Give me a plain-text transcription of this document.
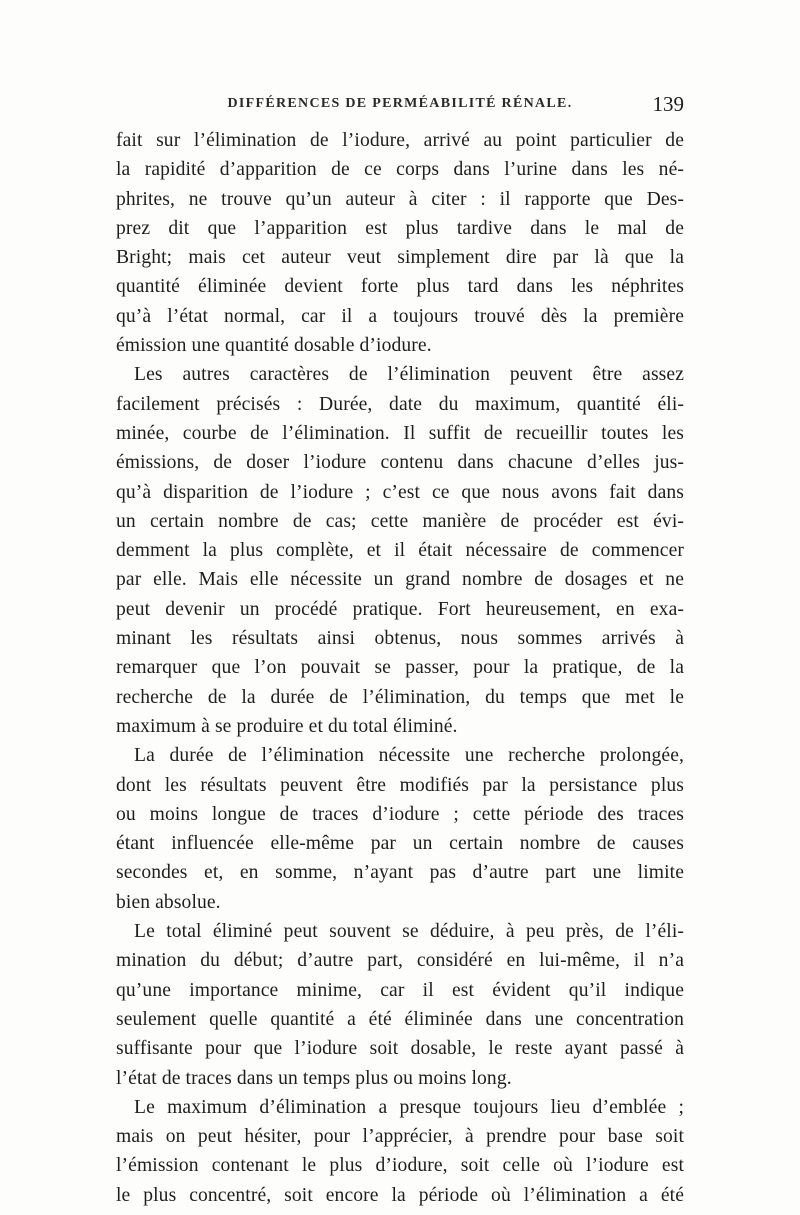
DIFFÉRENCES DE PERMÉABILITÉ RÉNALE.	139
fait sur l’élimination de l’iodure, arrivé au point particulier de
la rapidité d’apparition de ce corps dans l’urine dans les né-
phrites, ne trouve qu’un auteur à citer : il rapporte que Des-
prez dit que l’apparition est plus tardive dans le mal de
Bright; mais cet auteur veut simplement dire par là que la
quantité éliminée devient forte plus tard dans les néphrites
qu’à l’état normal, car il a toujours trouvé dès la première
émission une quantité dosable d’iodure.
Les autres caractères de l’élimination peuvent être assez
facilement précisés : Durée, date du maximum, quantité éli-
minée, courbe de l’élimination. Il suffit de recueillir toutes les
émissions, de doser l’iodure contenu dans chacune d’elles jus-
qu’à disparition de l’iodure ; c’est ce que nous avons fait dans
un certain nombre de cas; cette manière de procéder est évi-
demment la plus complète, et il était nécessaire de commencer
par elle. Mais elle nécessite un grand nombre de dosages et ne
peut devenir un procédé pratique. Fort heureusement, en exa-
minant les résultats ainsi obtenus, nous sommes arrivés à
remarquer que l’on pouvait se passer, pour la pratique, de la
recherche de la durée de l’élimination, du temps que met le
maximum à se produire et du total éliminé.
La durée de l’élimination nécessite une recherche prolongée,
dont les résultats peuvent être modifiés par la persistance plus
ou moins longue de traces d’iodure ; cette période des traces
étant influencée elle-même par un certain nombre de causes
secondes et, en somme, n’ayant pas d’autre part une limite
bien absolue.
Le total éliminé peut souvent se déduire, à peu près, de l’éli-
mination du début; d’autre part, considéré en lui-même, il n’a
qu’une importance minime, car il est évident qu’il indique
seulement quelle quantité a été éliminée dans une concentration
suffisante pour que l’iodure soit dosable, le reste ayant passé à
l’état de traces dans un temps plus ou moins long.
Le maximum d’élimination a presque toujours lieu d’emblée ;
mais on peut hésiter, pour l’apprécier, à prendre pour base soit
l’émission contenant le plus d’iodure, soit celle où l’iodure est
le plus concentré, soit encore la période où l’élimination a été
